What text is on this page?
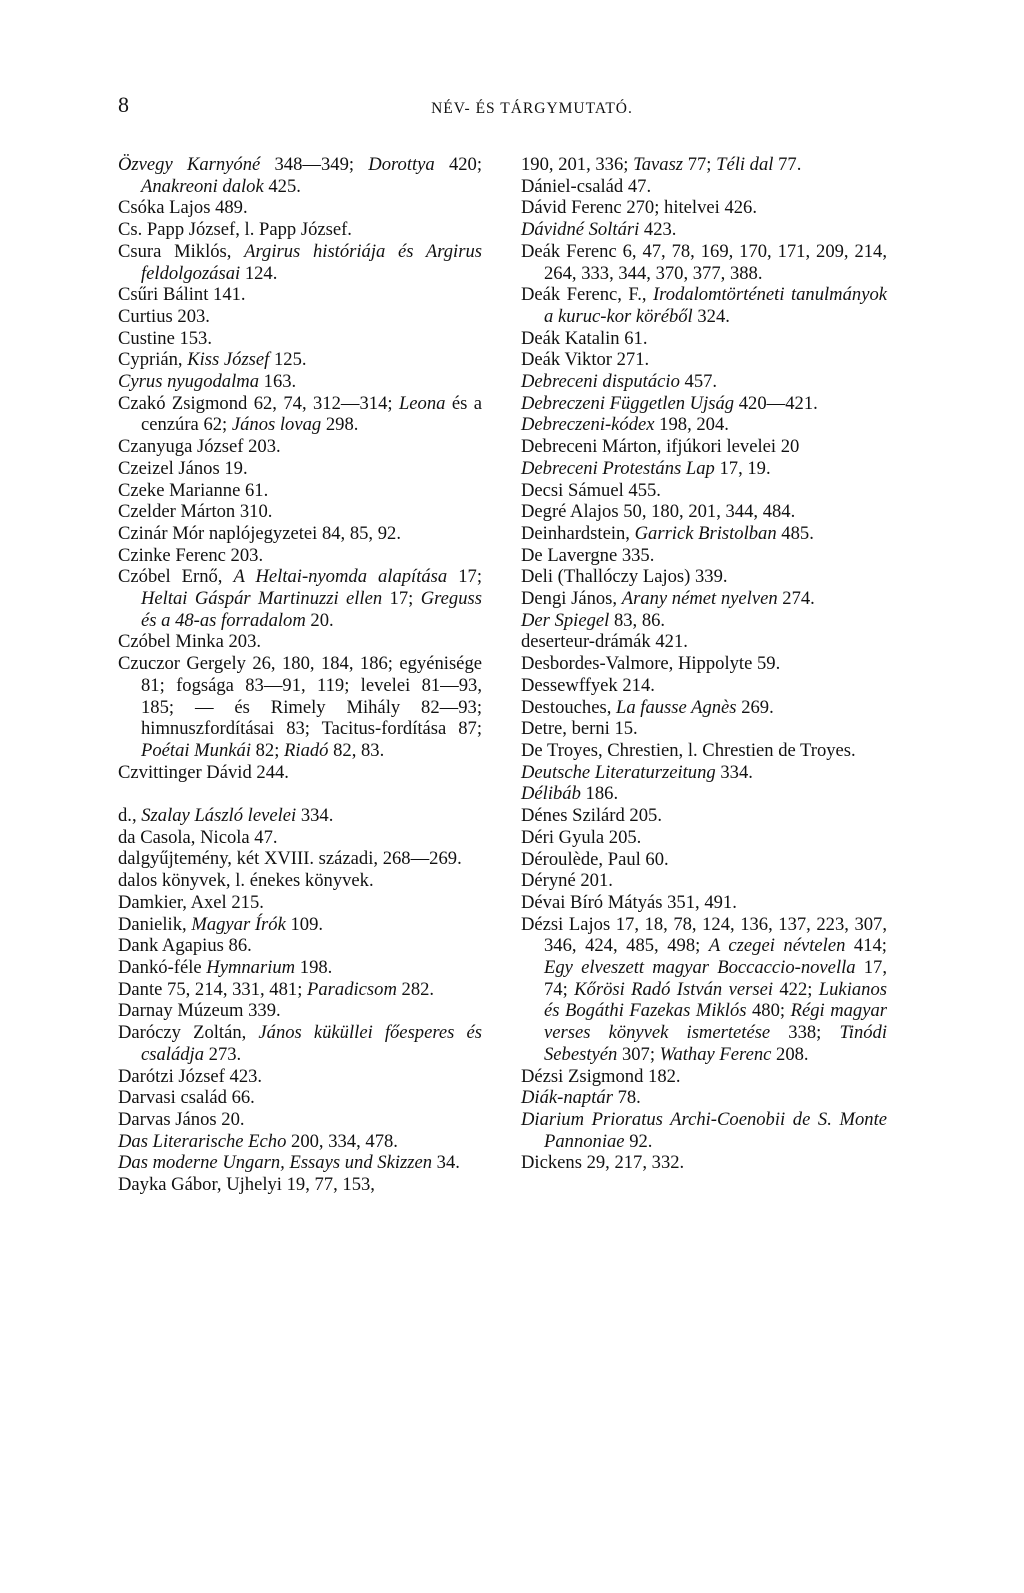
8	NÉV- ÉS TÁRGYMUTATÓ.

Özvegy Karnyóné 348—349; Dorottya 420; Anakreoni dalok 425.

Csóka Lajos 489.

Cs. Papp József, l. Papp József.

Csura Miklós, Argirus históriája és Argirus feldolgozásai 124.

Csűri Bálint 141.

Curtius 203.

Custine 153.

Cyprián, Kiss József 125.

Cyrus nyugodalma 163.

Czakó Zsigmond 62, 74, 312—314; Leona és a cenzúra 62; János lovag 298.

Czanyuga József 203.

Czeizel János 19.

Czeke Marianne 61.

Czelder Márton 310.

Czinár Mór naplójegyzetei 84, 85, 92.

Czinke Ferenc 203.

Czóbel Ernő, A Heltai-nyomda alapítása 17; Heltai Gáspár Martinuzzi ellen 17; Greguss és a 48-as forradalom 20.

Czóbel Minka 203.

Czuczor Gergely 26, 180, 184, 186; egyénisége 81; fogsága 83—91, 119; levelei 81—93, 185; — és Rimely Mihály 82—93; himnuszfordításai 83; Tacitus-fordítása 87; Poétai Munkái 82; Riadó 82, 83.

Czvittinger Dávid 244.

d., Szalay László levelei 334.

da Casola, Nicola 47.

dalgyűjtemény, két XVIII. századi, 268—269.

dalos könyvek, l. énekes könyvek.

Damkier, Axel 215.

Danielik, Magyar Írók 109.

Dank Agapius 86.

Dankó-féle Hymnarium 198.

Dante 75, 214, 331, 481; Paradicsom 282.

Darnay Múzeum 339.

Daróczy Zoltán, János küküllei főesperes és családja 273.

Darótzi József 423.

Darvasi család 66.

Darvas János 20.

Das Literarische Echo 200, 334, 478.

Das moderne Ungarn, Essays und Skizzen 34.

Dayka Gábor, Ujhelyi 19, 77, 153,

190, 201, 336; Tavasz 77; Téli dal 77.

Dániel-család 47.

Dávid Ferenc 270; hitelvei 426.

Dávidné Soltári 423.

Deák Ferenc 6, 47, 78, 169, 170, 171, 209, 214, 264, 333, 344, 370, 377, 388.

Deák Ferenc, F., Irodalomtörténeti tanulmányok a kuruc-kor köréből 324.

Deák Katalin 61.

Deák Viktor 271.

Debreceni disputácio 457.

Debreczeni Független Ujság 420—421.

Debreczeni-kódex 198, 204.

Debreceni Márton, ifjúkori levelei 20

Debreceni Protestáns Lap 17, 19.

Decsi Sámuel 455.

Degré Alajos 50, 180, 201, 344, 484.

Deinhardstein, Garrick Bristolban 485.

De Lavergne 335.

Deli (Thallóczy Lajos) 339.

Dengi János, Arany német nyelven 274.

Der Spiegel 83, 86.

deserteur-drámák 421.

Desbordes-Valmore, Hippolyte 59.

Dessewffyek 214.

Destouches, La fausse Agnès 269.

Detre, berni 15.

De Troyes, Chrestien, l. Chrestien de Troyes.

Deutsche Literaturzeitung 334.

Délibáb 186.

Dénes Szilárd 205.

Déri Gyula 205.

Déroulède, Paul 60.

Déryné 201.

Dévai Bíró Mátyás 351, 491.

Dézsi Lajos 17, 18, 78, 124, 136, 137, 223, 307, 346, 424, 485, 498; A czegei névtelen 414; Egy elveszett magyar Boccaccio-novella 17, 74; Kőrösi Radó István versei 422; Lukianos és Bogáthi Fazekas Miklós 480; Régi magyar verses könyvek ismertetése 338; Tinódi Sebestyén 307; Wathay Ferenc 208.

Dézsi Zsigmond 182.

Diák-naptár 78.

Diarium Prioratus Archi-Coenobii de S. Monte Pannoniae 92.

Dickens 29, 217, 332.
